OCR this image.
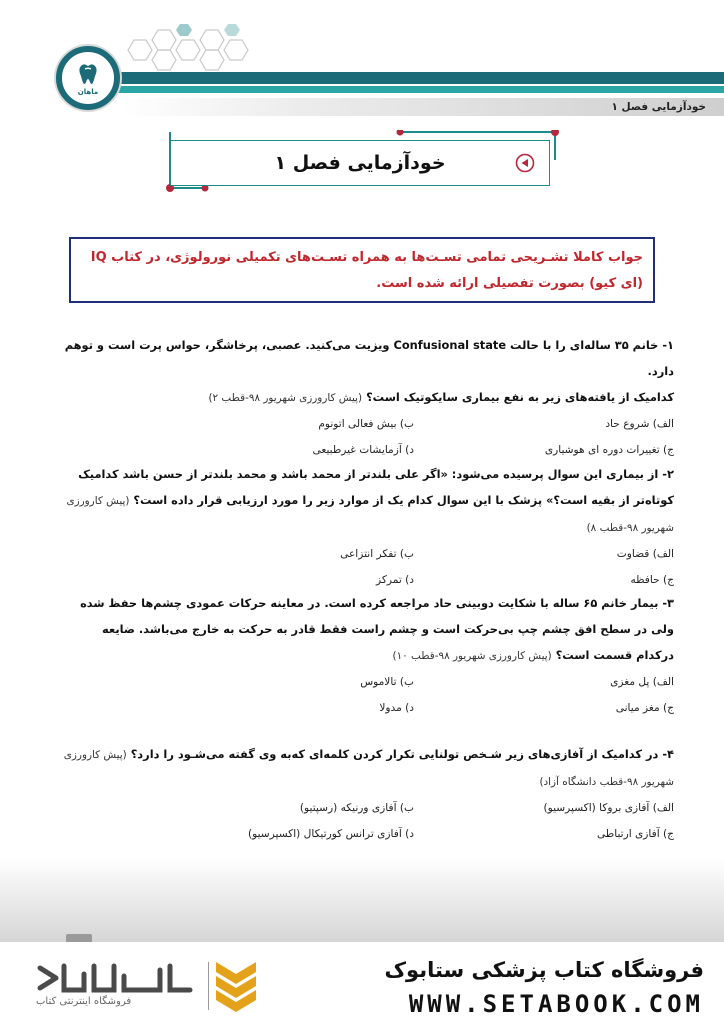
ماهان
خودآزمایی فصل ۱
خودآزمایی فصل ۱

جواب کاملا تشـریحی تمامی تسـت‌ها به همراه تسـت‌های تکمیلی نورولوژی، در کتاب IQ (ای کیو) بصورت تفصیلی ارائه شده است.

۱- خانم ۳۵ ساله‌ای را با حالت Confusional state ویزیت می‌کنید. عصبی، پرخاشگر، حواس پرت است و توهم دارد.
کدامیک از یافته‌های زیر به نفع بیماری سایکوتیک است؟ (پیش کارورزی شهریور ۹۸-قطب ۲)
الف) شروع حاد
ب) بیش فعالی اتونوم
ج) تغییرات دوره ای هوشیاری
د) آزمایشات غیرطبیعی
۲- از بیماری این سوال پرسیده می‌شود: «اگر علی بلندتر از محمد باشد و محمد بلندتر از حسن باشد کدامیک کوتاه‌تر از بقیه است؟» پزشک با این سوال کدام یک از موارد زیر را مورد ارزیابی قرار داده است؟ (پیش کارورزی شهریور ۹۸-قطب ۸)
الف) قضاوت
ب) تفکر انتزاعی
ج) حافظه
د) تمرکز
۳- بیمار خانم ۶۵ ساله با شکایت دوبینی حاد مراجعه کرده است. در معاینه حرکات عمودی چشم‌ها حفظ شده ولی در سطح افق چشم چپ بی‌حرکت است و چشم راست فقط قادر به حرکت به خارج می‌باشد. ضایعه درکدام قسمت است؟ (پیش کارورزی شهریور ۹۸-قطب ۱۰)
الف) پل مغزی
ب) تالاموس
ج) مغز میانی
د) مدولا
۴- در کدامیک از آفازی‌های زیر شـخص تولنایی تکرار کردن کلمه‌ای که‌به وی گفته می‌شـود را دارد؟ (پیش کارورزی شهریور ۹۸-قطب دانشگاه آزاد)
الف) آفازی بروکا (اکسپرسیو)
ب) آفازی ورنیکه (رسپتیو)
ج) آفازی ارتباطی
د) آفازی ترانس کورتیکال (اکسپرسیو)
فروشگاه اینترنتی کتاب
فروشگاه کتاب پزشکی ستابوک
WWW.SETABOOK.COM
